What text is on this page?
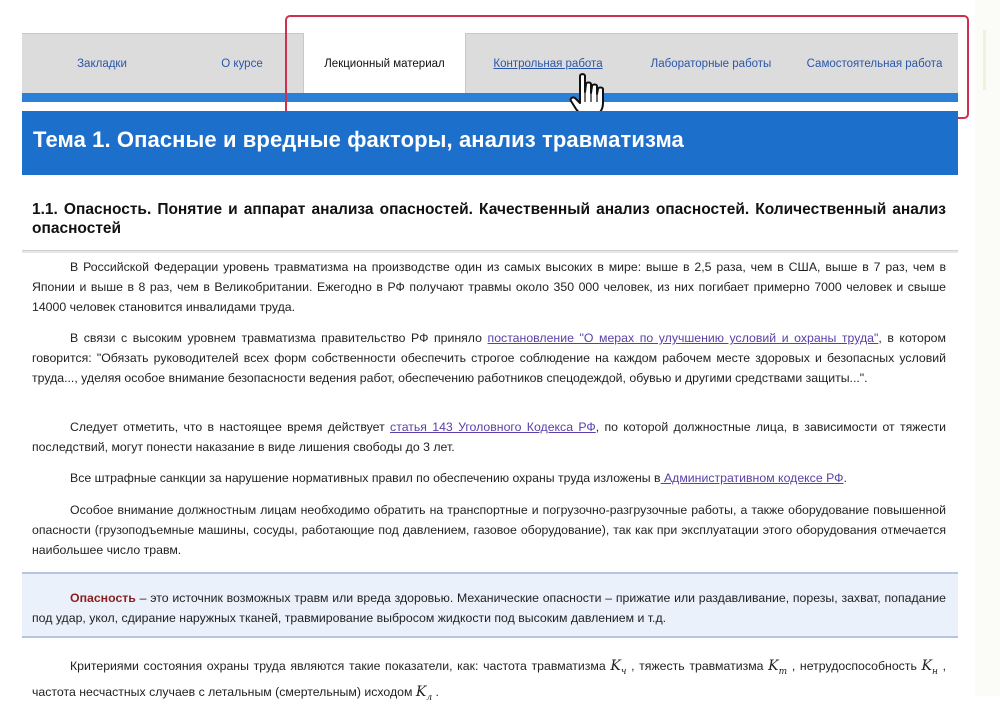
Закладки	О курсе	Лекционный материал	Контрольная работа	Лабораторные работы	Самостоятельная работа
Тема 1. Опасные и вредные факторы, анализ травматизма
1.1. Опасность. Понятие и аппарат анализа опасностей. Качественный анализ опасностей. Количественный анализ опасностей

В Российской Федерации уровень травматизма на производстве один из самых высоких в мире: выше в 2,5 раза, чем в США, выше в 7 раз, чем в Японии и выше в 8 раз, чем в Великобритании. Ежегодно в РФ получают травмы около 350 000 человек, из них погибает примерно 7000 человек и свыше 14000 человек становится инвалидами труда.

В связи с высоким уровнем травматизма правительство РФ приняло постановление "О мерах по улучшению условий и охраны труда", в котором говорится: "Обязать руководителей всех форм собственности обеспечить строгое соблюдение на каждом рабочем месте здоровых и безопасных условий труда..., уделяя особое внимание безопасности ведения работ, обеспечению работников спецодеждой, обувью и другими средствами защиты...".

Следует отметить, что в настоящее время действует статья 143 Уголовного Кодекса РФ, по которой должностные лица, в зависимости от тяжести последствий, могут понести наказание в виде лишения свободы до 3 лет.

Все штрафные санкции за нарушение нормативных правил по обеспечению охраны труда изложены в Административном кодексе РФ.

Особое внимание должностным лицам необходимо обратить на транспортные и погрузочно-разгрузочные работы, а также оборудование повышенной опасности (грузоподъемные машины, сосуды, работающие под давлением, газовое оборудование), так как при эксплуатации этого оборудования отмечается наибольшее число травм.

Опасность – это источник возможных травм или вреда здоровью. Механические опасности – прижатие или раздавливание, порезы, захват, попадание под удар, укол, сдирание наружных тканей, травмирование выбросом жидкости под высоким давлением и т.д.

Критериями состояния охраны труда являются такие показатели, как: частота травматизма $K_ч$ , тяжесть травматизма $K_m$ , нетрудоспособность $K_н$ , частота несчастных случаев с летальным (смертельным) исходом $K_л$ .
